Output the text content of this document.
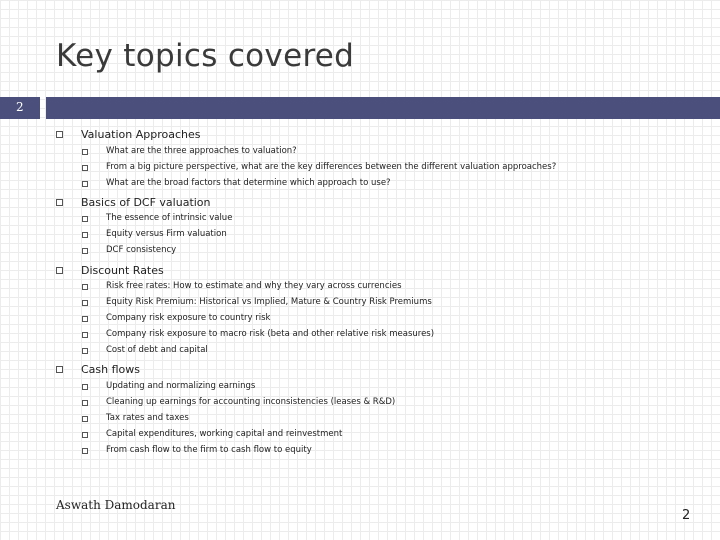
Key topics covered
2
Valuation Approaches
What are the three approaches to valuation?
From a big picture perspective, what are the key differences between the different valuation approaches?
What are the broad factors that determine which approach to use?
Basics of DCF valuation
The essence of intrinsic value
Equity versus Firm valuation
DCF consistency
Discount Rates
Risk free rates: How to estimate and why they vary across currencies
Equity Risk Premium: Historical vs Implied, Mature & Country Risk Premiums
Company risk exposure to country risk
Company risk exposure to macro risk (beta and other relative risk measures)
Cost of debt and capital
Cash flows
Updating and normalizing earnings
Cleaning up earnings for accounting inconsistencies (leases & R&D)
Tax rates and taxes
Capital expenditures, working capital and reinvestment
From cash flow to the firm to cash flow to equity
Aswath Damodaran
2
